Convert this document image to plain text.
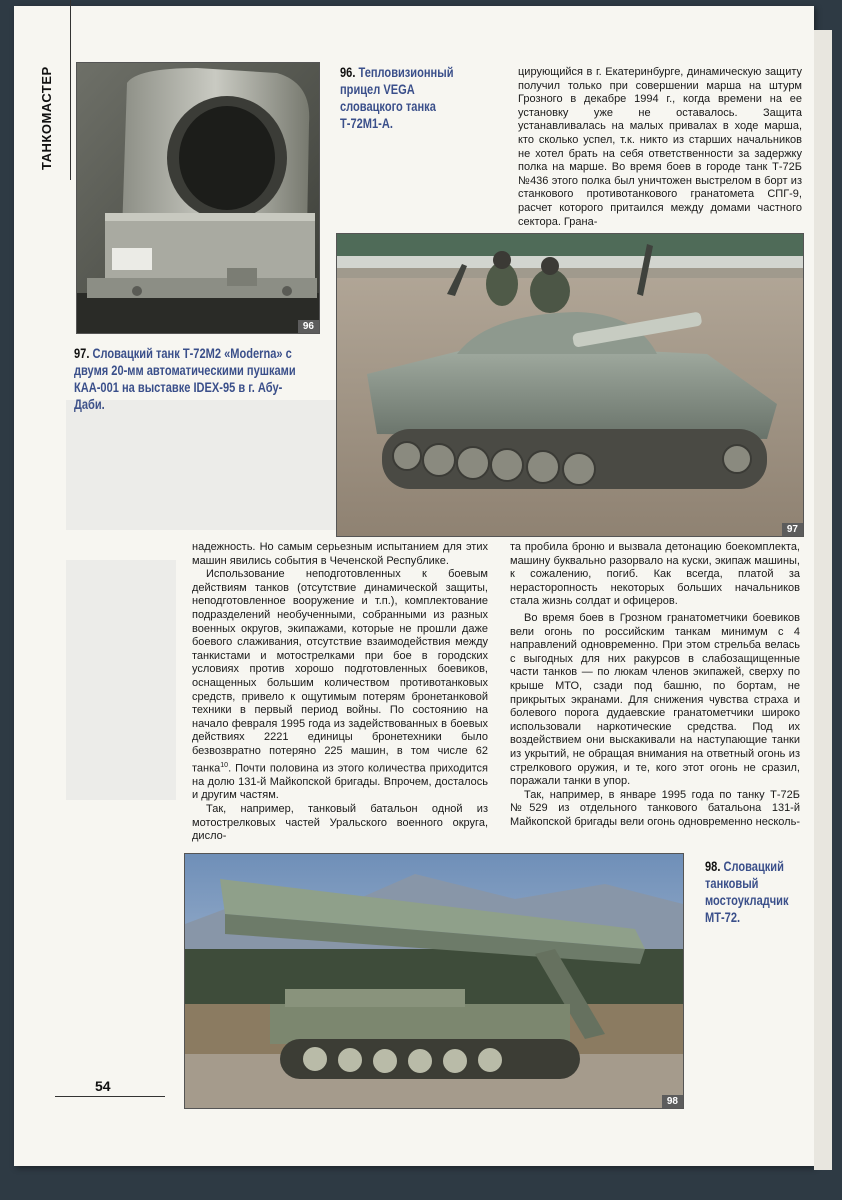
ТАНКОМАСТЕР
96
96. Тепловизионный прицел VEGA словацкого танка Т-72М1-А.

цирующийся в г. Екатеринбурге, динамическую защиту получил только при совершении марша на штурм Грозного в декабре 1994 г., когда времени на ее установку уже не оставалось. Защита устанавливалась на малых привалах в ходе марша, кто сколько успел, т.к. никто из старших начальников не хотел брать на себя ответственности за задержку полка на марше. Во время боев в городе танк Т-72Б №436 этого полка был уничтожен выстрелом в борт из станкового противотанкового гранатомета СПГ-9, расчет которого притаился между домами частного сектора. Грана-

97. Словацкий танк Т-72М2 «Moderna» с двумя 20-мм автоматическими пушками КАА-001 на выставке IDEX-95 в г. Абу-Даби.
97

надежность. Но самым серьезным испытанием для этих машин явились события в Чеченской Республике.

Использование неподготовленных к боевым действиям танков (отсутствие динамической защиты, неподготовленное вооружение и т.п.), комплектование подразделений необученными, собранными из разных военных округов, экипажами, которые не прошли даже боевого слаживания, отсутствие взаимодействия между танкистами и мотострелками при бое в городских условиях против хорошо подготовленных боевиков, оснащенных большим количеством противотанковых средств, привело к ощутимым потерям бронетанковой техники в первый период войны. По состоянию на начало февраля 1995 года из задействованных в боевых действиях 2221 единицы бронетехники было безвозвратно потеряно 225 машин, в том числе 62 танка$^{10}$. Почти половина из этого количества приходится на долю 131-й Майкопской бригады. Впрочем, досталось и другим частям.

Так, например, танковый батальон одной из мотострелковых частей Уральского военного округа, дисло-

та пробила броню и вызвала детонацию боекомплекта, машину буквально разорвало на куски, экипаж машины, к сожалению, погиб. Как всегда, платой за нерасторопность некоторых больших начальников стала жизнь солдат и офицеров.

Во время боев в Грозном гранатометчики боевиков вели огонь по российским танкам минимум с 4 направлений одновременно. При этом стрельба велась с выгодных для них ракурсов в слабозащищенные части танков — по люкам членов экипажей, сверху по крыше МТО, сзади под башню, по бортам, не прикрытых экранами. Для снижения чувства страха и болевого порога дудаевские гранатометчики широко использовали наркотические средства. Под их воздействием они выскакивали на наступающие танки из укрытий, не обращая внимания на ответный огонь из стрелкового оружия, и те, кого этот огонь не сразил, поражали танки в упор.

Так, например, в январе 1995 года по танку Т-72Б №529 из отдельного танкового батальона 131-й Майкопской бригады вели огонь одновременно несколь-

98
98. Словацкий танковый мостоукладчик МТ-72.
54
